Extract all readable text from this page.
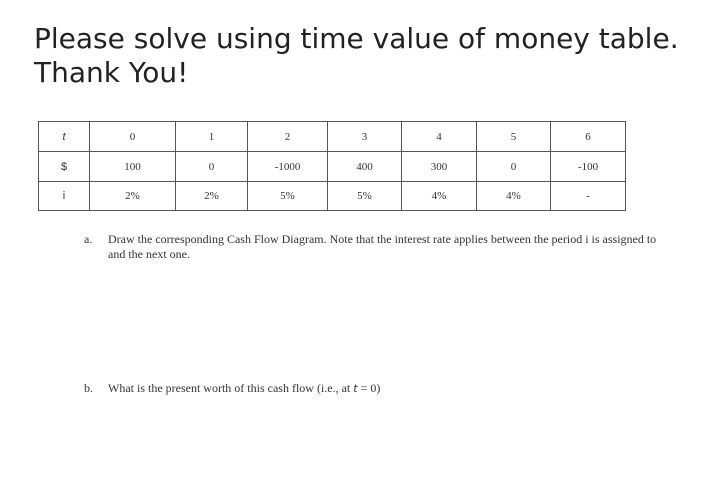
Please solve using time value of money table. Thank You!
t	0	1	2	3	4	5	6
$	100	0	-1000	400	300	0	-100
i	2%	2%	5%	5%	4%	4%	-
a. Draw the corresponding Cash Flow Diagram. Note that the interest rate applies between the period i is assigned to and the next one.
b. What is the present worth of this cash flow (i.e., at t = 0)
